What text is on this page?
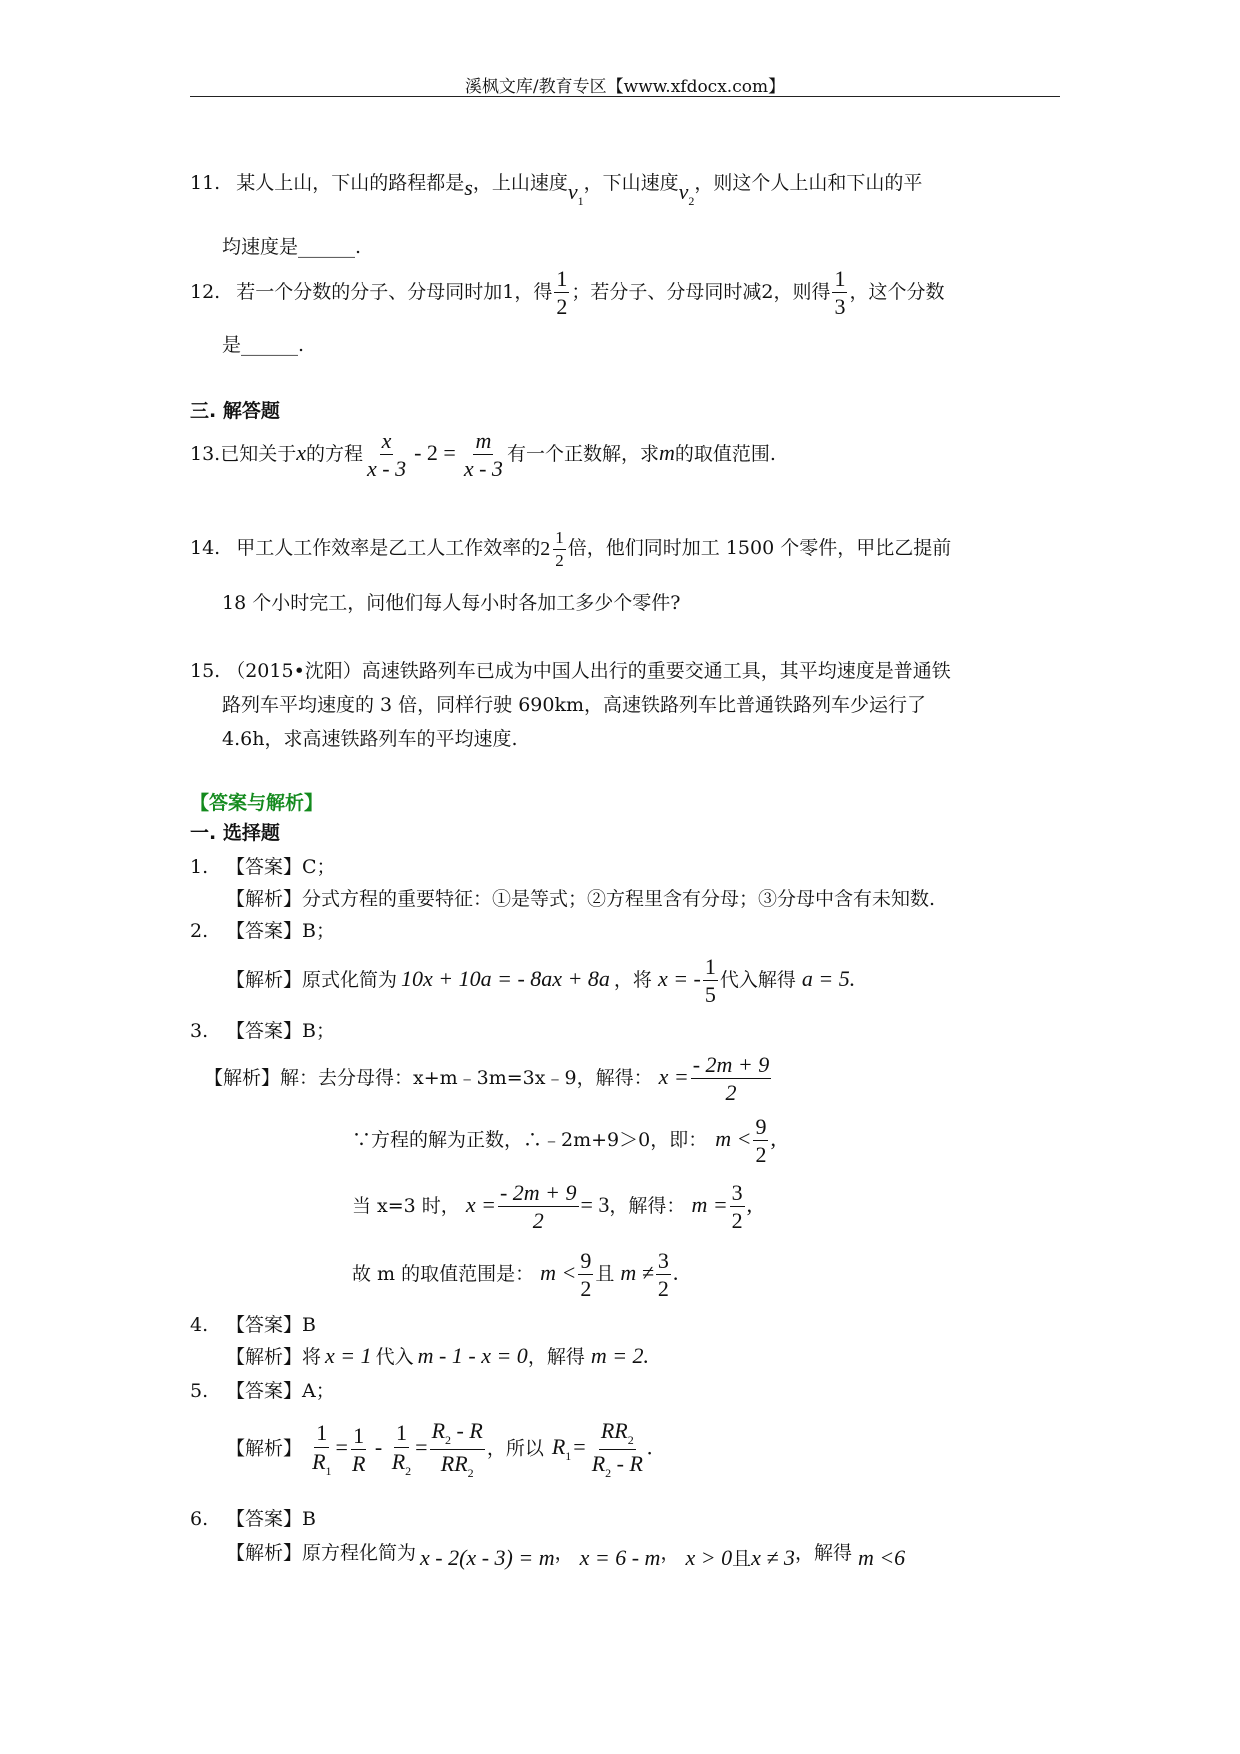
溪枫文库/教育专区【www.xfdocx.com】
11. 某人上山，下山的路程都是s，上山速度$v_1$，下山速度$v_2$，则这个人上山和下山的平
均速度是______.
12. 若一个分数的分子、分母同时加1，得 $\frac{1}{2}$ ；若分子、分母同时减2，则得 $\frac{1}{3}$ ，这个分数
是______.
三. 解答题
13.已知关于x的方程 $\frac{x}{x - 3} - 2 = \frac{m}{x - 3}$ 有一个正数解，求m的取值范围.
14. 甲工人工作效率是乙工人工作效率的 $2 \frac{1}{2}$ 倍，他们同时加工 1500 个零件，甲比乙提前
18 个小时完工，问他们每人每小时各加工多少个零件?
15. （2015•沈阳）高速铁路列车已成为中国人出行的重要交通工具，其平均速度是普通铁
路列车平均速度的 3 倍，同样行驶 690km，高速铁路列车比普通铁路列车少运行了
4.6h，求高速铁路列车的平均速度.
【答案与解析】
一. 选择题
1. 【答案】C；
【解析】分式方程的重要特征：①是等式；②方程里含有分母；③分母中含有未知数.
2. 【答案】B；
【解析】原式化简为 10x + 10a = - 8ax + 8a ，将 x = - $\frac{1}{5}$ 代入解得 a = 5.
3. 【答案】B；
【解析】解：去分母得：x+m﹣3m=3x﹣9，解得： $x = \frac{- 2m + 9}{2}$
∵方程的解为正数，∴﹣2m+9＞0，即： $m < \frac{9}{2}$ ,
当 x=3 时， $x = \frac{- 2m + 9}{2} = 3$，解得： $m = \frac{3}{2}$ ,
故 m 的取值范围是： $m < \frac{9}{2}$ 且 $m \ne \frac{3}{2}$ .
4. 【答案】B
【解析】将 x = 1 代入 m - 1 - x = 0，解得 m = 2.
5. 【答案】A；
【解析】 $\frac{1}{R_1} = \frac{1}{R} - \frac{1}{R_2} = \frac{R_2 - R}{RR_2}$ ，所以 $R_1= \frac{RR_2}{R_2 - R}$ .
6. 【答案】B
【解析】原方程化简为 x - 2(x - 3) = m， x = 6 - m， x > 0且x ≠ 3，解得 m <6
